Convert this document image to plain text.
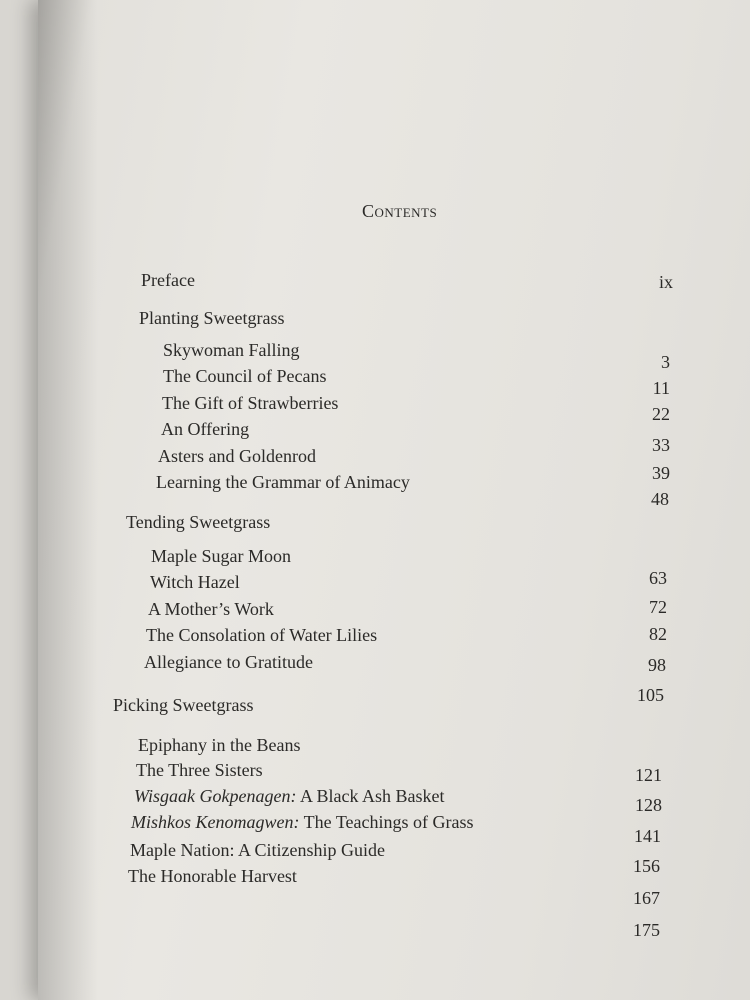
Contents
Preface	ix
Planting Sweetgrass
Skywoman Falling
3
The Council of Pecans
11
The Gift of Strawberries
22
An Offering
33
Asters and Goldenrod
39
Learning the Grammar of Animacy
48
Tending Sweetgrass
Maple Sugar Moon
63
Witch Hazel
72
A Mother’s Work
82
The Consolation of Water Lilies
98
Allegiance to Gratitude
105
Picking Sweetgrass
Epiphany in the Beans
121
The Three Sisters
128
Wisgaak Gokpenagen: A Black Ash Basket
141
Mishkos Kenomagwen: The Teachings of Grass
156
Maple Nation: A Citizenship Guide
167
The Honorable Harvest
175
